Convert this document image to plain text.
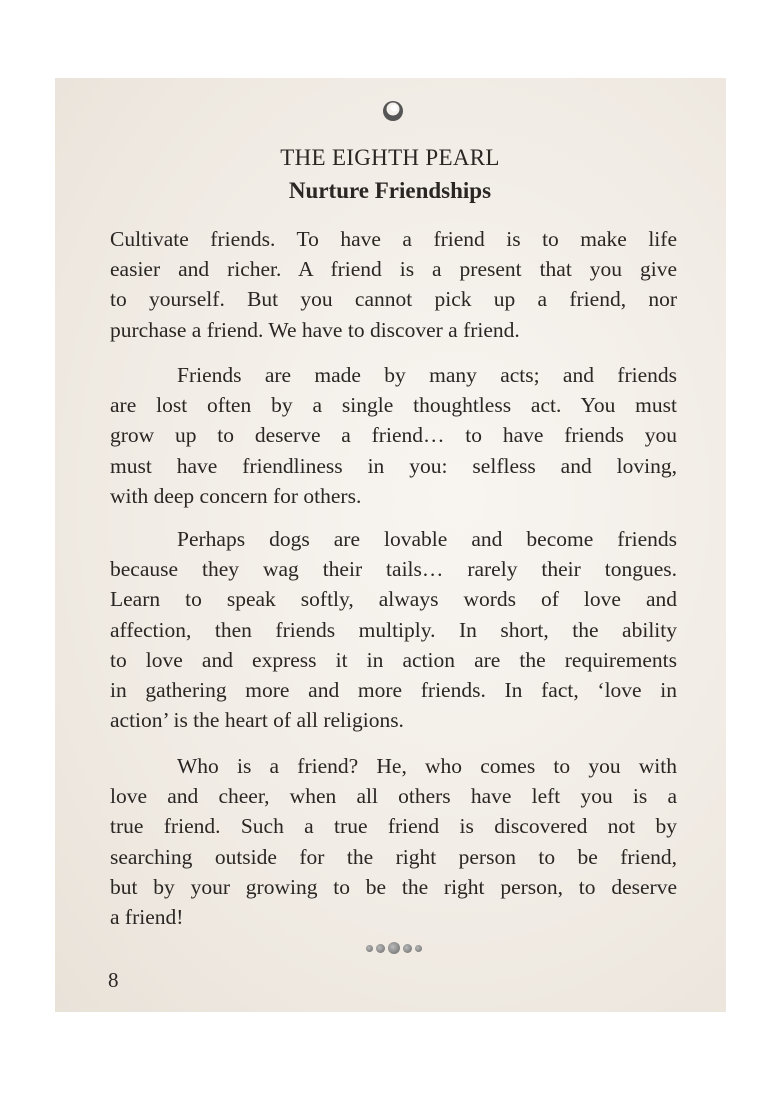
THE EIGHTH PEARL
Nurture Friendships
Cultivate friends. To have a friend is to make life
easier and richer. A friend is a present that you give
to yourself. But you cannot pick up a friend, nor
purchase a friend. We have to discover a friend.
Friends are made by many acts; and friends
are lost often by a single thoughtless act. You must
grow up to deserve a friend… to have friends you
must have friendliness in you: selfless and loving,
with deep concern for others.
Perhaps dogs are lovable and become friends
because they wag their tails… rarely their tongues.
Learn to speak softly, always words of love and
affection, then friends multiply. In short, the ability
to love and express it in action are the requirements
in gathering more and more friends. In fact, ‘love in
action’ is the heart of all religions.
Who is a friend? He, who comes to you with
love and cheer, when all others have left you is a
true friend. Such a true friend is discovered not by
searching outside for the right person to be friend,
but by your growing to be the right person, to deserve
a friend!
8
